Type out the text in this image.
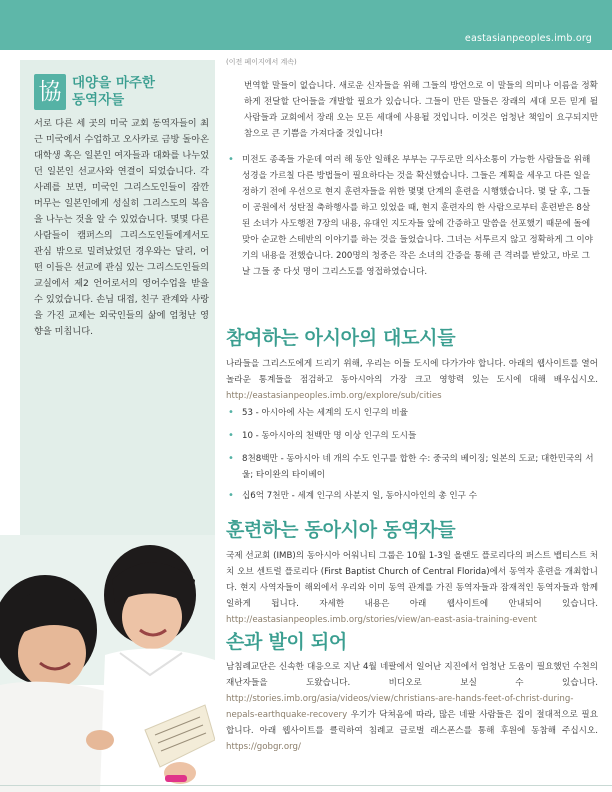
eastasianpeoples.imb.org
協 대양을 마주한
동역자들

서로 다른 세 곳의 미국 교회 동역자들이 최근 미국에서 수업하고 오사카로 금방 돌아온 대학생 혹은 일본인 여자들과 대화를 나누었던 일본인 선교사와 연결이 되었습니다. 각 사례를 보면, 미국인 그리스도인들이 잠깐 머무는 일본인에게 성실히 그리스도의 복음을 나누는 것을 알 수 있었습니다. 몇몇 다른 사람들이 캠퍼스의 그리스도인들에게서도 관심 밖으로 밀려났었던 경우와는 달리, 어떤 이들은 선교에 관심 있는 그리스도인들의 교실에서 제2 언어로서의 영어수업을 받을 수 있었습니다. 손님 대접, 친구 관계와 사랑을 가진 교제는 외국인들의 삶에 엄청난 영향을 미칩니다.

(이전 페이지에서 계속)

번역할 말들이 없습니다. 새로운 신자들을 위해 그들의 방언으로 이 말들의 의미나 이름을 정확하게 전달할 단어들을 개발할 필요가 있습니다. 그들이 만든 말들은 장래의 세대 모든 믿게 될 사람들과 교회에서 장래 오는 모든 세대에 사용될 것입니다. 이것은 엄청난 책임이 요구되지만 참으로 큰 기쁨을 가져다줄 것입니다!

• 미전도 종족들 가운데 여러 해 동안 일해온 부부는 구두로만 의사소통이 가능한 사람들을 위해 성경을 가르칠 다른 방법들이 필요하다는 것을 확신했습니다. 그들은 계획을 세우고 다른 일을 정하기 전에 우선으로 현지 훈련자들을 위한 몇몇 단계의 훈련을 시행했습니다. 몇 달 후, 그들이 공원에서 성탄절 축하행사를 하고 있었을 때, 현지 훈련자의 한 사람으로부터 훈련받은 8살 된 소녀가 사도행전 7장의 내용, 유대인 지도자들 앞에 간증하고 말씀을 선포했기 때문에 돌에 맞아 순교한 스테반의 이야기를 하는 것을 들었습니다. 그녀는 서투르지 않고 정확하게 그 이야기의 내용을 전했습니다. 200명의 청중은 작은 소녀의 간증을 통해 큰 격려를 받았고, 바로 그날 그들 중 다섯 명이 그리스도를 영접하였습니다.
참여하는 아시아의 대도시들

나라들을 그리스도에게 드리기 위해, 우리는 이들 도시에 다가가야 합니다. 아래의 웹사이트를 열어 놀라운 통계들을 점검하고 동아시아의 가장 크고 영향력 있는 도시에 대해 배우십시오. http://eastasianpeoples.imb.org/explore/sub/cities

• 53 - 아시아에 사는 세계의 도시 인구의 비율
• 10 - 동아시아의 천백만 명 이상 인구의 도시들
• 8천8백만 - 동아시아 네 개의 수도 인구를 합한 수: 중국의 베이징; 일본의 도쿄; 대한민국의 서울; 타이완의 타이베이
• 십6억 7천만 - 세계 인구의 사분지 일, 동아시아인의 총 인구 수
훈련하는 동아시아 동역자들

국제 선교회 (IMB)의 동아시아 어워니티 그룹은 10월 1-3일 올랜도 플로리다의 퍼스트 뱁티스트 처치 오브 센트럴 플로리다 (First Baptist Church of Central Florida)에서 동역자 훈련을 개최합니다. 현지 사역자들이 해외에서 우리와 이미 동역 관계를 가진 동역자들과 잠재적인 동역자들과 함께 일하게 됩니다. 자세한 내용은 아래 웹사이트에 안내되어 있습니다. http://eastasianpeoples.imb.org/stories/view/an-east-asia-training-event

손과 발이 되어

남침례교단은 신속한 대응으로 지난 4월 네팔에서 일어난 지진에서 엄청난 도움이 필요했던 수천의 재난자들을 도왔습니다. 비디오로 보실 수 있습니다. http://stories.imb.org/asia/videos/view/christians-are-hands-feet-of-christ-during-nepals-earthquake-recovery 우기가 닥쳐옴에 따라, 많은 네팔 사람들은 집이 절대적으로 필요합니다. 아래 웹사이트를 클릭하여 침례교 글로벌 래스폰스를 통해 후원에 동참해 주십시오. https://gobgr.org/
